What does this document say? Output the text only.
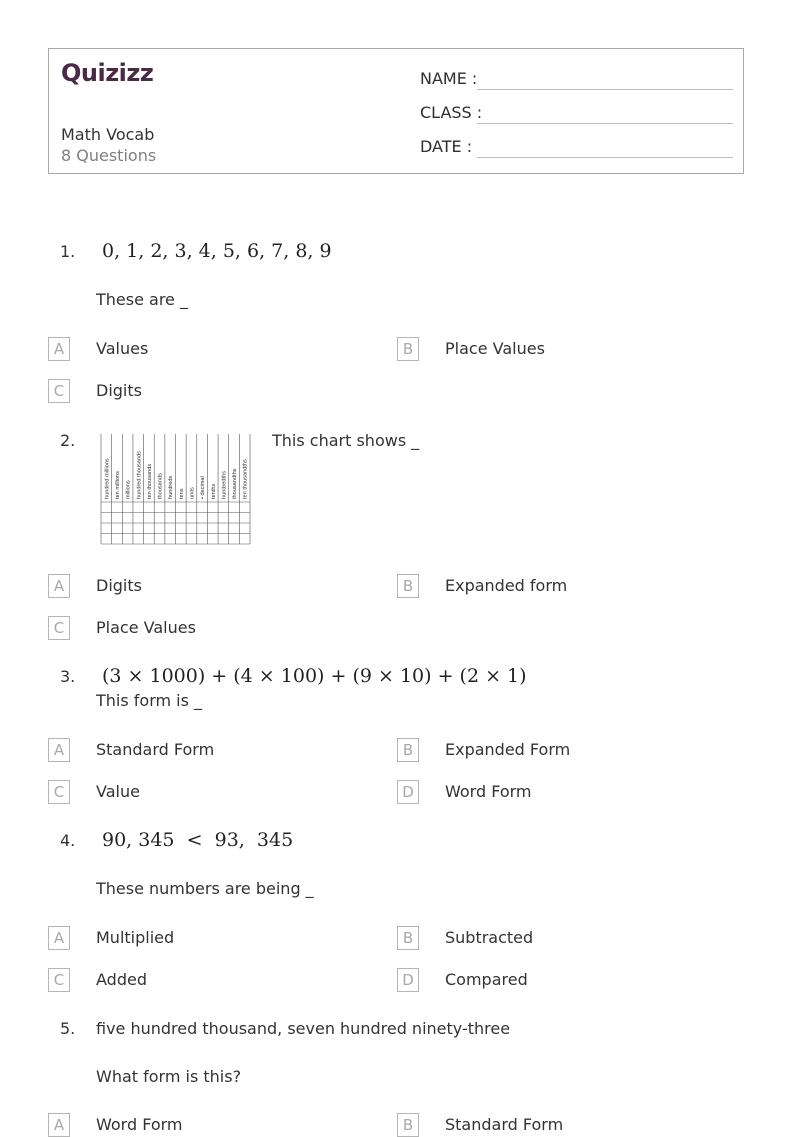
Quizizz
Math Vocab
8 Questions
NAME :
CLASS :
DATE :
1. 0, 1, 2, 3, 4, 5, 6, 7, 8, 9
These are _
A	Values	B	Place Values
C	Digits
2.
hundred millions ten millions millions hundred thousands ten thousands thousands hundreds tens units • decimal tenths hundredths thousandths ten thousandths
This chart shows _
A	Digits	B	Expanded form
C	Place Values
3. (3 × 1000) + (4 × 100) + (9 × 10) + (2 × 1)
This form is _
A	Standard Form	B	Expanded Form
C	Value	D	Word Form
4. 90, 345  <  93,  345
These numbers are being _
A	Multiplied	B	Subtracted
C	Added	D	Compared
5. five hundred thousand, seven hundred ninety-three
What form is this?
A	Word Form	B	Standard Form
